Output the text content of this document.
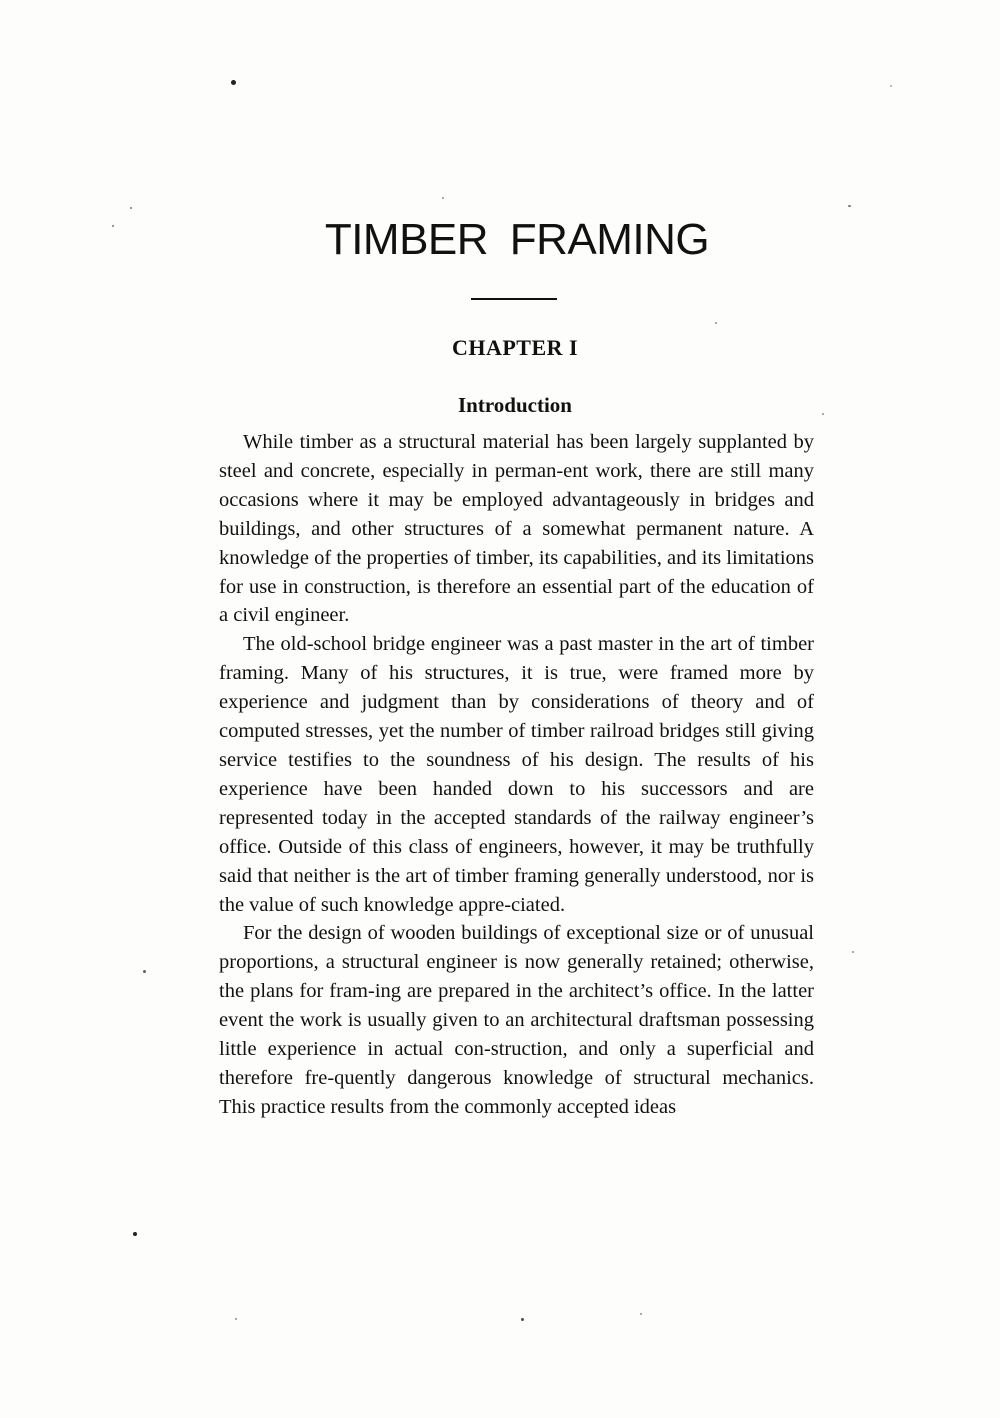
TIMBER FRAMING
CHAPTER I
Introduction

While timber as a structural material has been largely supplanted by steel and concrete, especially in perman-ent work, there are still many occasions where it may be employed advantageously in bridges and buildings, and other structures of a somewhat permanent nature. A knowledge of the properties of timber, its capabilities, and its limitations for use in construction, is therefore an essential part of the education of a civil engineer.

The old-school bridge engineer was a past master in the art of timber framing. Many of his structures, it is true, were framed more by experience and judgment than by considerations of theory and of computed stresses, yet the number of timber railroad bridges still giving service testifies to the soundness of his design. The results of his experience have been handed down to his successors and are represented today in the accepted standards of the railway engineer’s office. Outside of this class of engineers, however, it may be truthfully said that neither is the art of timber framing generally understood, nor is the value of such knowledge appre-ciated.

For the design of wooden buildings of exceptional size or of unusual proportions, a structural engineer is now generally retained; otherwise, the plans for fram-ing are prepared in the architect’s office. In the latter event the work is usually given to an architectural draftsman possessing little experience in actual con-struction, and only a superficial and therefore fre-quently dangerous knowledge of structural mechanics. This practice results from the commonly accepted ideas
